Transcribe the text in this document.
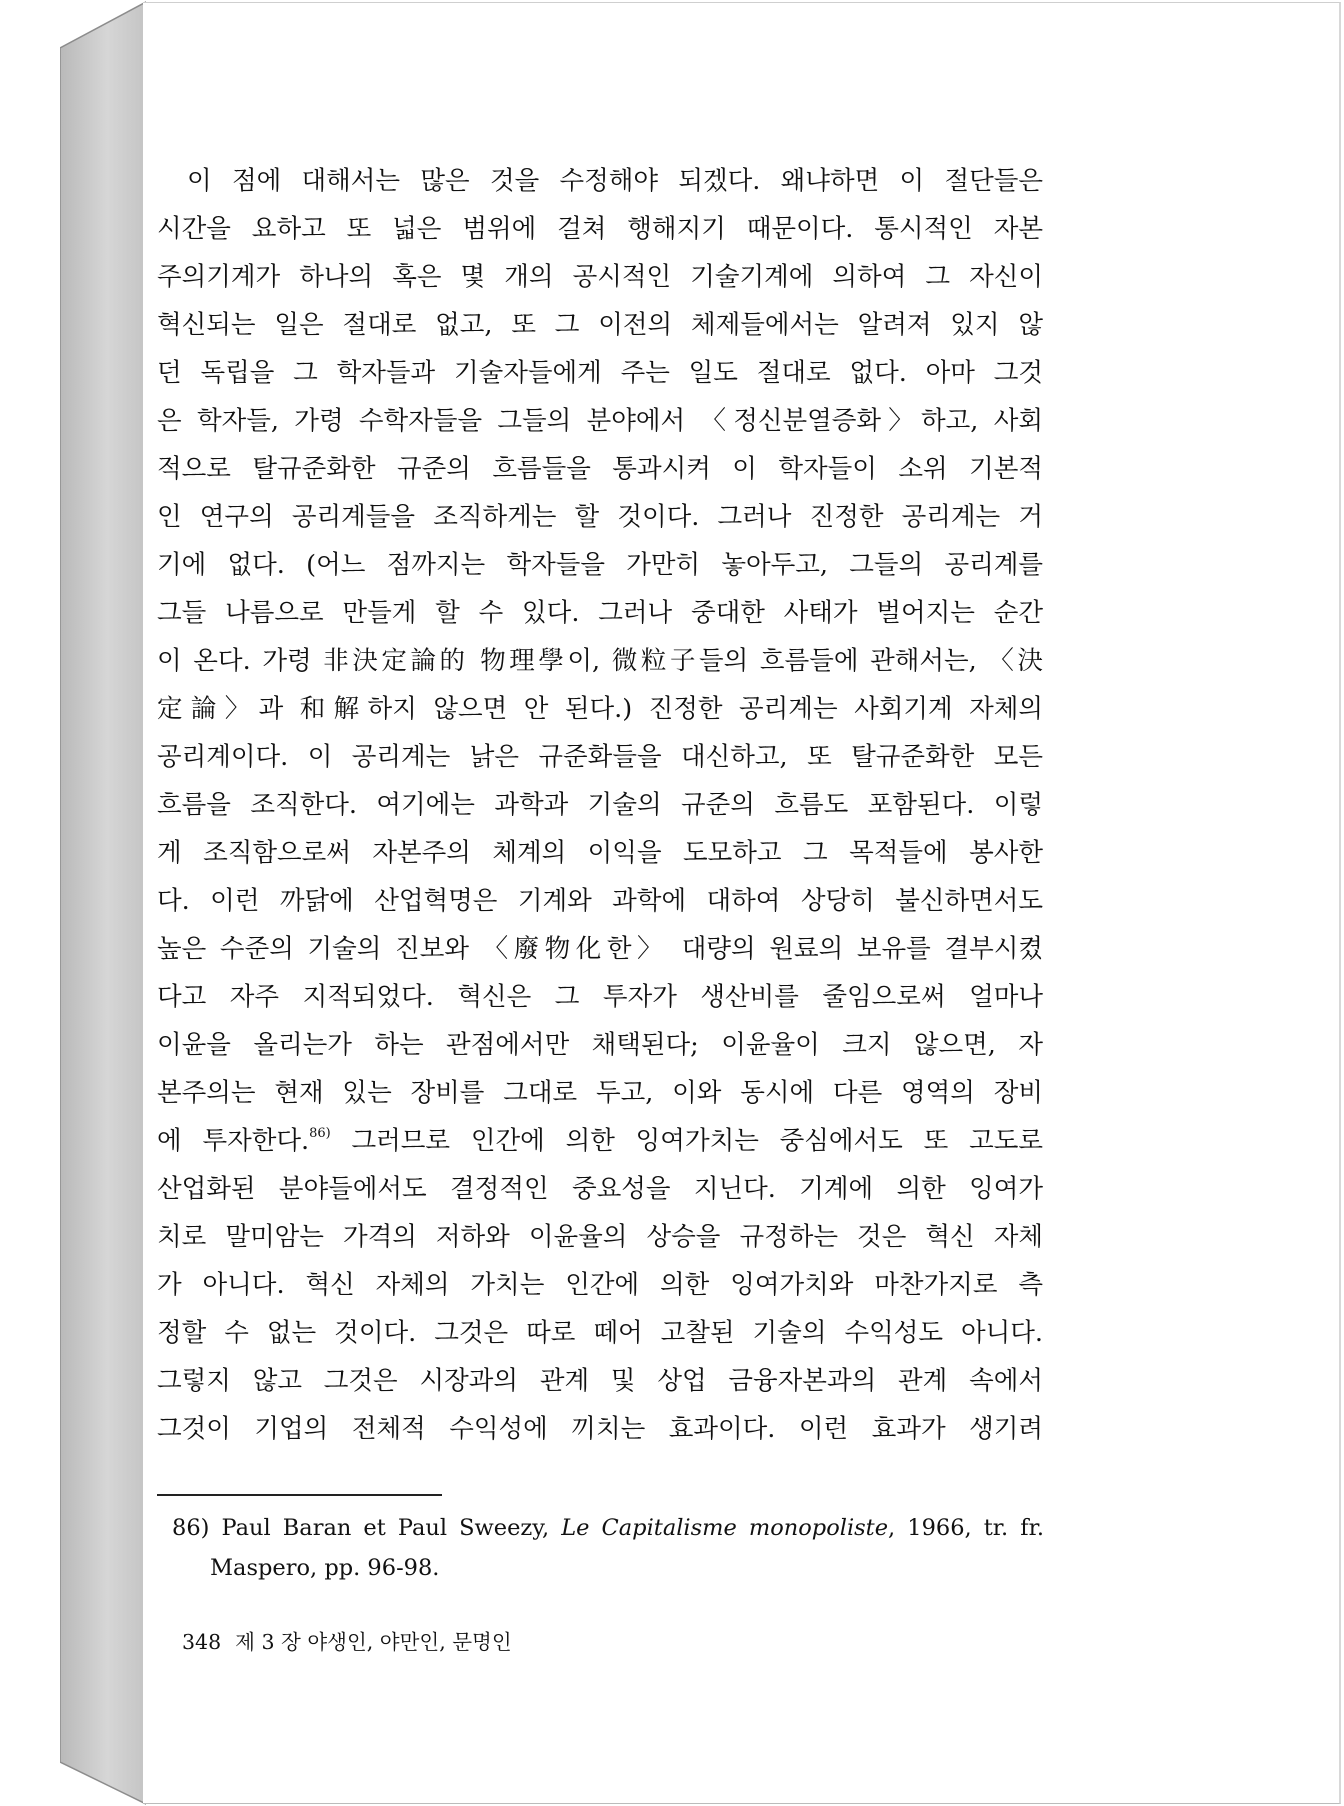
이 점에 대해서는 많은 것을 수정해야 되겠다. 왜냐하면 이 절단들은
시간을 요하고 또 넓은 범위에 걸쳐 행해지기 때문이다. 통시적인 자본
주의기계가 하나의 혹은 몇 개의 공시적인 기술기계에 의하여 그 자신이
혁신되는 일은 절대로 없고, 또 그 이전의 체제들에서는 알려져 있지 않
던 독립을 그 학자들과 기술자들에게 주는 일도 절대로 없다. 아마 그것
은 학자들, 가령 수학자들을 그들의 분야에서 〈정신분열증화〉하고, 사회
적으로 탈규준화한 규준의 흐름들을 통과시켜 이 학자들이 소위 기본적
인 연구의 공리계들을 조직하게는 할 것이다. 그러나 진정한 공리계는 거
기에 없다. (어느 점까지는 학자들을 가만히 놓아두고, 그들의 공리계를
그들 나름으로 만들게 할 수 있다. 그러나 중대한 사태가 벌어지는 순간
이 온다. 가령 非決定論的 物理學이, 微粒子들의 흐름들에 관해서는, 〈決
定論〉과 和解하지 않으면 안 된다.) 진정한 공리계는 사회기계 자체의
공리계이다. 이 공리계는 낡은 규준화들을 대신하고, 또 탈규준화한 모든
흐름을 조직한다. 여기에는 과학과 기술의 규준의 흐름도 포함된다. 이렇
게 조직함으로써 자본주의 체계의 이익을 도모하고 그 목적들에 봉사한
다. 이런 까닭에 산업혁명은 기계와 과학에 대하여 상당히 불신하면서도
높은 수준의 기술의 진보와 〈廢物化한〉 대량의 원료의 보유를 결부시켰
다고 자주 지적되었다. 혁신은 그 투자가 생산비를 줄임으로써 얼마나
이윤을 올리는가 하는 관점에서만 채택된다; 이윤율이 크지 않으면, 자
본주의는 현재 있는 장비를 그대로 두고, 이와 동시에 다른 영역의 장비
에 투자한다.$^{86)}$ 그러므로 인간에 의한 잉여가치는 중심에서도 또 고도로
산업화된 분야들에서도 결정적인 중요성을 지닌다. 기계에 의한 잉여가
치로 말미암는 가격의 저하와 이윤율의 상승을 규정하는 것은 혁신 자체
가 아니다. 혁신 자체의 가치는 인간에 의한 잉여가치와 마찬가지로 측
정할 수 없는 것이다. 그것은 따로 떼어 고찰된 기술의 수익성도 아니다.
그렇지 않고 그것은 시장과의 관계 및 상업 금융자본과의 관계 속에서
그것이 기업의 전체적 수익성에 끼치는 효과이다. 이런 효과가 생기려
86) Paul Baran et Paul Sweezy, Le Capitalisme monopoliste, 1966, tr. fr.
Maspero, pp. 96-98.
348 제 3 장 야생인, 야만인, 문명인
